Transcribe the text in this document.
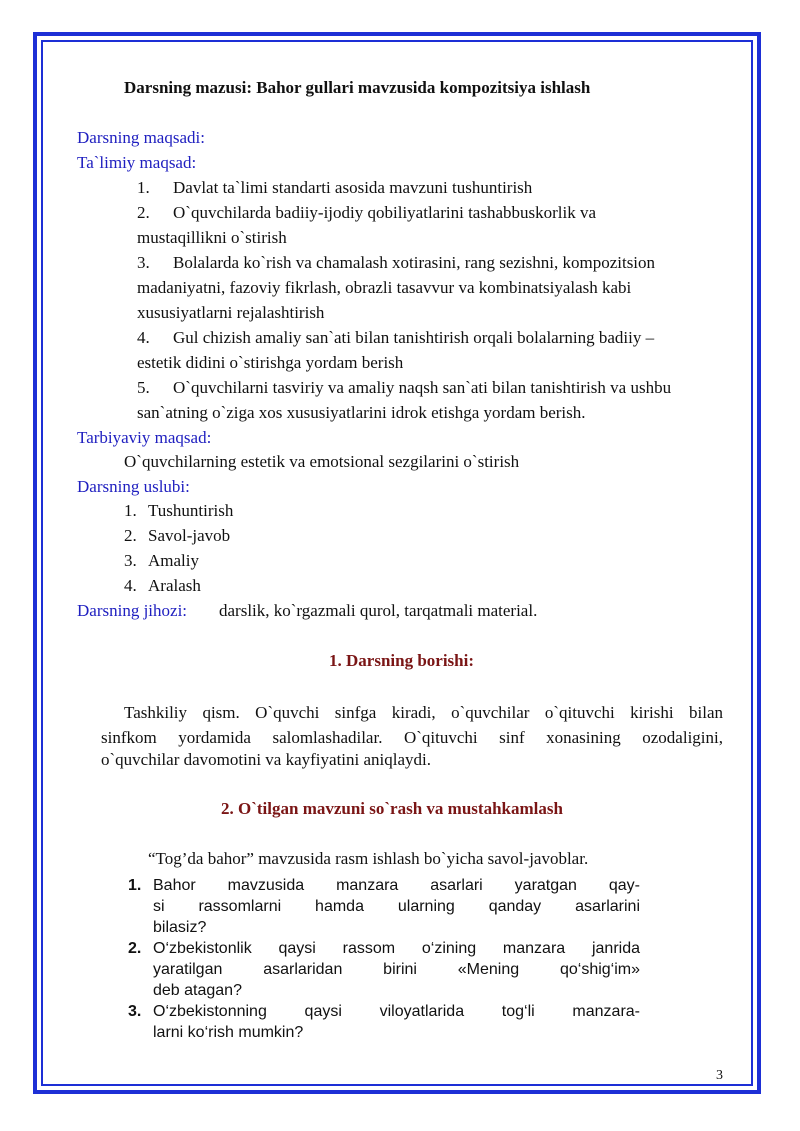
Darsning mazusi: Bahor gullari mavzusida kompozitsiya ishlash
Darsning maqsadi:
Ta`limiy maqsad:
1. Davlat ta`limi standarti asosida mavzuni tushuntirish
2. O`quvchilarda badiiy-ijodiy qobiliyatlarini tashabbuskorlik va
mustaqillikni o`stirish
3. Bolalarda ko`rish va chamalash xotirasini, rang sezishni, kompozitsion
madaniyatni, fazoviy fikrlash, obrazli tasavvur va kombinatsiyalash kabi
xususiyatlarni rejalashtirish
4. Gul chizish amaliy san`ati bilan tanishtirish orqali bolalarning badiiy –
estetik didini o`stirishga yordam berish
5. O`quvchilarni tasviriy va amaliy naqsh san`ati bilan tanishtirish va ushbu
san`atning o`ziga xos xususiyatlarini idrok etishga yordam berish.
Tarbiyaviy maqsad:
O`quvchilarning estetik va emotsional sezgilarini o`stirish
Darsning uslubi:
1. Tushuntirish
2. Savol-javob
3. Amaliy
4. Aralash
Darsning jihozi: darslik, ko`rgazmali qurol, tarqatmali material.
1. Darsning borishi:
Tashkiliy qism. O`quvchi sinfga kiradi, o`quvchilar o`qituvchi kirishi bilan
sinfkom yordamida salomlashadilar. O`qituvchi sinf xonasining ozodaligini,
o`quvchilar davomotini va kayfiyatini aniqlaydi.
2. O`tilgan mavzuni so`rash va mustahkamlash
“Tog’da bahor” mavzusida rasm ishlash bo`yicha savol-javoblar.
1. Bahor mavzusida manzara asarlari yaratgan qay-
si rassomlarni hamda ularning qanday asarlarini
bilasiz?
2. O‘zbekistonlik qaysi rassom o‘zining manzara janrida
yaratilgan asarlaridan birini «Mening qo‘shig‘im»
deb atagan?
3. O‘zbekistonning qaysi viloyatlarida tog‘li manzara-
larni ko‘rish mumkin?
3
